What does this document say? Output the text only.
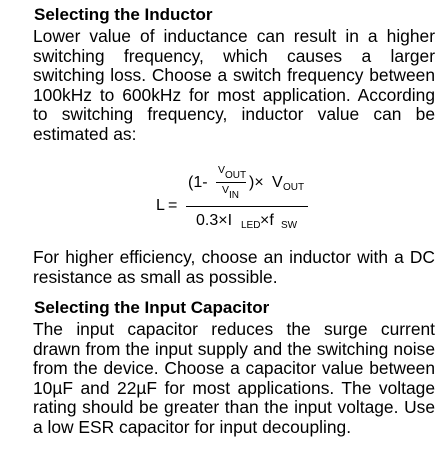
Selecting the Inductor

Lower value of inductance can result in a higher switching frequency, which causes a larger switching loss. Choose a switch frequency between 100kHz to 600kHz for most application. According to switching frequency, inductor value can be estimated as:

L =
(1-
V OUT
V IN
)× V OUT
0.3×I LED ×f SW

For higher efficiency, choose an inductor with a DC resistance as small as possible.

Selecting the Input Capacitor

The input capacitor reduces the surge current drawn from the input supply and the switching noise from the device. Choose a capacitor value between 10µF and 22µF for most applications. The voltage rating should be greater than the input voltage. Use a low ESR capacitor for input decoupling.
